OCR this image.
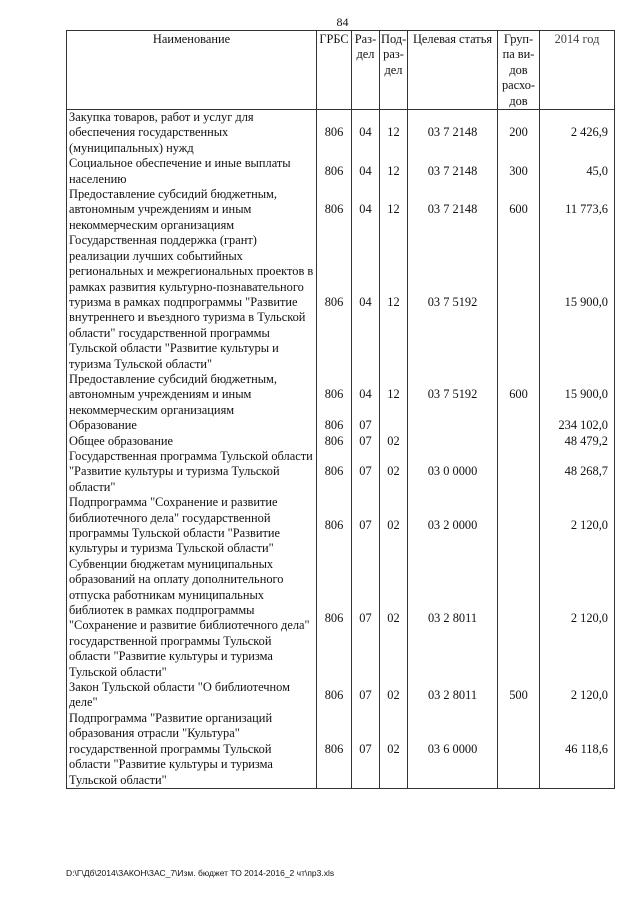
84
Наименование	ГРБС	Раз-дел	Под-раз-дел	Целевая статья	Груп-па ви-дов расхо-дов	2014 год
Закупка товаров, работ и услуг для обеспечения государственных (муниципальных) нужд	806	04	12	03 7 2148	200	2 426,9
Социальное обеспечение и иные выплаты населению	806	04	12	03 7 2148	300	45,0
Предоставление субсидий бюджетным, автономным учреждениям и иным некоммерческим организациям	806	04	12	03 7 2148	600	11 773,6
Государственная поддержка (грант) реализации лучших событийных региональных и межрегиональных проектов в рамках развития культурно-познавательного туризма в рамках подпрограммы "Развитие внутреннего и въездного туризма в Тульской области" государственной программы Тульской области "Развитие культуры и туризма Тульской области"	806	04	12	03 7 5192		15 900,0
Предоставление субсидий бюджетным, автономным учреждениям и иным некоммерческим организациям	806	04	12	03 7 5192	600	15 900,0
Образование	806	07				234 102,0
Общее образование	806	07	02			48 479,2
Государственная программа Тульской области "Развитие культуры и туризма Тульской области"	806	07	02	03 0 0000		48 268,7
Подпрограмма "Сохранение и развитие библиотечного дела" государственной программы Тульской области "Развитие культуры и туризма Тульской области"	806	07	02	03 2 0000		2 120,0
Субвенции бюджетам муниципальных образований на оплату дополнительного отпуска работникам муниципальных библиотек в рамках подпрограммы "Сохранение и развитие библиотечного дела" государственной программы Тульской области "Развитие культуры и туризма Тульской области"	806	07	02	03 2 8011		2 120,0
Закон Тульской области "О библиотечном деле"	806	07	02	03 2 8011	500	2 120,0
Подпрограмма "Развитие организаций образования отрасли "Культура" государственной программы Тульской области "Развитие культуры и туризма Тульской области"	806	07	02	03 6 0000		46 118,6
D:\Г\Дб\2014\ЗАКОН\ЗАС_7\Изм. бюджет ТО 2014-2016_2 чт\пр3.xls
